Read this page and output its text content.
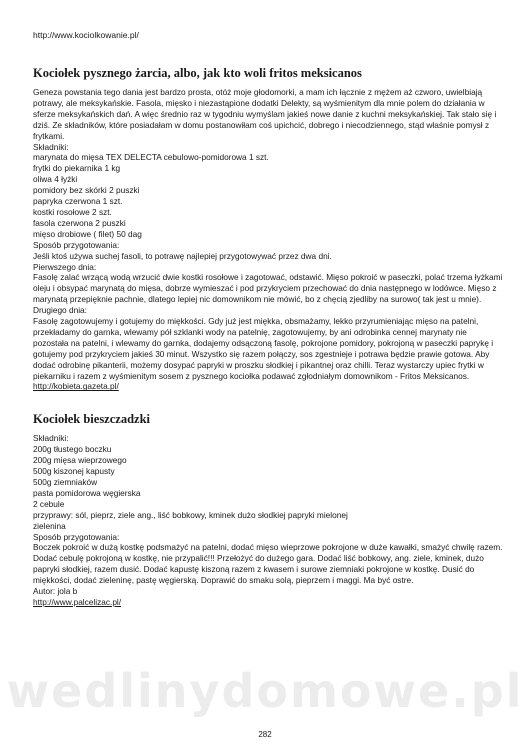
wedlinydomowe.pl
http://www.kociolkowanie.pl/
Kociołek pysznego żarcia, albo, jak kto woli fritos meksicanos

Geneza powstania tego dania jest bardzo prosta, otóż moje głodomorki, a mam ich łącznie z mężem aż czworo, uwielbiają potrawy, ale meksykańskie. Fasola, mięsko i niezastąpione dodatki Delekty, są wyśmienitym dla mnie polem do działania w sferze meksykańskich dań. A więc średnio raz w tygodniu wymyślam jakieś nowe danie z kuchni meksykańskiej. Tak stało się i dziś. Ze składników, które posiadałam w domu postanowiłam coś upichcić, dobrego i niecodziennego, stąd właśnie pomysł z frytkami.

Składniki:

marynata do mięsa TEX DELECTA cebulowo-pomidorowa 1 szt.

frytki do piekarnika 1 kg

oliwa 4 łyżki

pomidory bez skórki 2 puszki

papryka czerwona 1 szt.

kostki rosołowe 2 szt.

fasola czerwona 2 puszki

mięso drobiowe ( filet) 50 dag

Sposób przygotowania:

Jeśli ktoś używa suchej fasoli, to potrawę najlepiej przygotowywać przez dwa dni.

Pierwszego dnia:

Fasolę zalać wrzącą wodą wrzucić dwie kostki rosołowe i zagotować, odstawić. Mięso pokroić w paseczki, polać trzema łyżkami oleju i obsypać marynatą do mięsa, dobrze wymieszać i pod przykryciem przechować do dnia następnego w lodówce. Mięso z marynatą przepięknie pachnie, dlatego lepiej nic domownikom nie mówić, bo z chęcią zjedliby na surowo( tak jest u mnie).

Drugiego dnia:

Fasolę zagotowujemy i gotujemy do miękkości. Gdy już jest miękka, obsmażamy, lekko przyrumieniając mięso na patelni, przekładamy do garnka, wlewamy pół szklanki wody na patelnię, zagotowujemy, by ani odrobinka cennej marynaty nie pozostała na patelni, i wlewamy do garnka, dodajemy odsączoną fasolę, pokrojone pomidory, pokrojoną w paseczki paprykę i gotujemy pod przykryciem jakieś 30 minut. Wszystko się razem połączy, sos zgestnieje i potrawa będzie prawie gotowa. Aby dodać odrobinę pikanterii, możemy dosypać papryki w proszku słodkiej i pikantnej oraz chilli. Teraz wystarczy upiec frytki w piekarniku i razem z wyśmienitym sosem z pysznego kociołka podawać zgłodniałym domownikom - Fritos Meksicanos.

http://kobieta.gazeta.pl/

Kociołek bieszczadzki

Składniki:

200g tłustego boczku

200g mięsa wieprzowego

500g kiszonej kapusty

500g ziemniaków

pasta pomidorowa węgierska

2 cebule

przyprawy: sól, pieprz, ziele ang., liść bobkowy, kminek dużo słodkiej papryki mielonej

zielenina

Sposób przygotowania:

Boczek pokroić w dużą kostkę podsmażyć na patelni, dodać mięso wieprzowe pokrojone w duże kawałki, smażyć chwilę razem. Dodać cebulę pokrojoną w kostkę, nie przypalić!!! Przełożyć do dużego gara. Dodać liść bobkowy, ang. ziele, kminek, dużo papryki słodkiej, razem dusić. Dodać kapustę kiszoną razem z kwasem i surowe ziemniaki pokrojone w kostkę. Dusić do miękkości, dodać zieleninę, pastę węgierską. Doprawić do smaku solą, pieprzem i maggi. Ma być ostre.

Autor: jola b

http://www.palcelizac.pl/

282
